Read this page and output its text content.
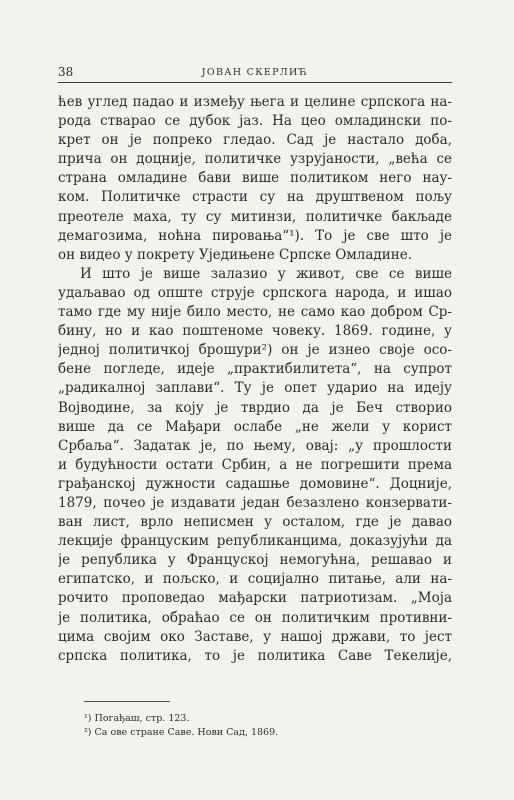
38	ЈОВАН СКЕРЛИЋ
ћев углед падао и између њега и целине српскога на-
рода стварао се дубок јаз. На цео омладински по-
крет он је попреко гледао. Сад је настало доба,
прича он доцније, политичке узрујаности, „већа се
страна омладине бави више политиком него нау-
ком. Политичке страсти су на друштвеном пољу
преотеле маха, ту су митинзи, политичке бакљаде
демагозима, ноћна пировања“¹). То је све што је
он видео у покрету Уједињене Српске Омладине.
И што је више залазио у живот, све се више
удаљавао од опште струје српскога народа, и ишао
тамо где му није било место, не само као добром Ср-
бину, но и као поштеноме човеку. 1869. године, у
једној политичкој брошури²) он је изнео своје осо-
бене погледе, идеје „практибилитета“, на супрот
„радикалној заплави“. Ту је опет ударио на идеју
Војводине, за коју је тврдио да је Беч створио
више да се Мађари ослабе „не жели у корист
Србаља“. Задатак је, по њему, овај: „у прошлости
и будућности остати Србин, а не погрешити према
грађанској дужности садашње домовине“. Доцније,
1879, почео је издавати један безазлено конзервати-
ван лист, врло неписмен у осталом, где је давао
лекције француским републиканцима, доказујући да
је република у Француској немогућна, решавао и
египатско, и пољско, и социјално питање, али на-
рочито проповедао мађарски патриотизам. „Моја
је политика, обраћао се он политичким противни-
цима својим око Заставе, у нашој држави, то јест
српска политика, то је политика Саве Текелије,
¹) Погађаш, стр. 123.
²) Са ове стране Саве. Нови Сад, 1869.
